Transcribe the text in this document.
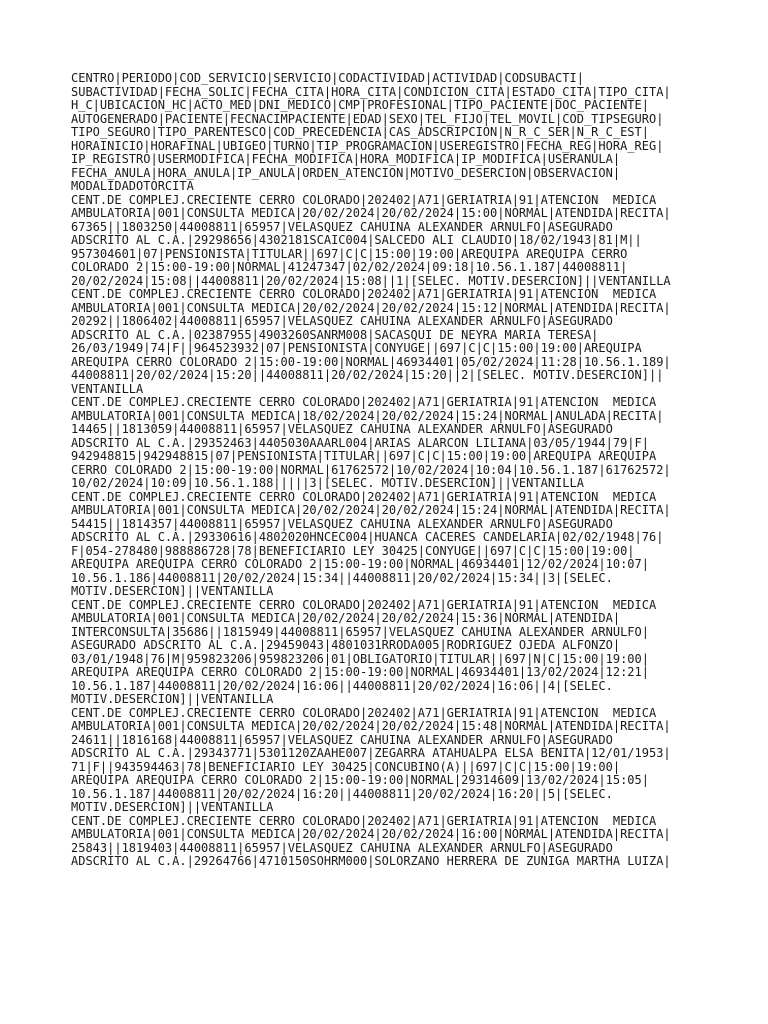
CENTRO|PERIODO|COD_SERVICIO|SERVICIO|CODACTIVIDAD|ACTIVIDAD|CODSUBACTI|
SUBACTIVIDAD|FECHA_SOLIC|FECHA_CITA|HORA_CITA|CONDICION_CITA|ESTADO_CITA|TIPO_CITA|
H_C|UBICACION_HC|ACTO_MED|DNI_MEDICO|CMP|PROFESIONAL|TIPO_PACIENTE|DOC_PACIENTE|
AUTOGENERADO|PACIENTE|FECNACIMPACIENTE|EDAD|SEXO|TEL_FIJO|TEL_MOVIL|COD_TIPSEGURO|
TIPO_SEGURO|TIPO_PARENTESCO|COD_PRECEDENCIA|CAS_ADSCRIPCION|N_R_C_SER|N_R_C_EST|
HORAINICIO|HORAFINAL|UBIGEO|TURNO|TIP_PROGRAMACION|USEREGISTRO|FECHA_REG|HORA_REG|
IP_REGISTRO|USERMODIFICA|FECHA_MODIFICA|HORA_MODIFICA|IP_MODIFICA|USERANULA|
FECHA_ANULA|HORA_ANULA|IP_ANULA|ORDEN_ATENCION|MOTIVO_DESERCION|OBSERVACION|
MODALIDADOTORCITA
CENT.DE COMPLEJ.CRECIENTE CERRO COLORADO|202402|A71|GERIATRIA|91|ATENCION  MEDICA
AMBULATORIA|001|CONSULTA MEDICA|20/02/2024|20/02/2024|15:00|NORMAL|ATENDIDA|RECITA|
67365||1803250|44008811|65957|VELASQUEZ CAHUINA ALEXANDER ARNULFO|ASEGURADO
ADSCRITO AL C.A.|29298656|4302181SCAIC004|SALCEDO ALI CLAUDIO|18/02/1943|81|M||
957304601|07|PENSIONISTA|TITULAR||697|C|C|15:00|19:00|AREQUIPA AREQUIPA CERRO
COLORADO 2|15:00-19:00|NORMAL|41247347|02/02/2024|09:18|10.56.1.187|44008811|
20/02/2024|15:08||44008811|20/02/2024|15:08||1|[SELEC. MOTIV.DESERCION]||VENTANILLA
CENT.DE COMPLEJ.CRECIENTE CERRO COLORADO|202402|A71|GERIATRIA|91|ATENCION  MEDICA
AMBULATORIA|001|CONSULTA MEDICA|20/02/2024|20/02/2024|15:12|NORMAL|ATENDIDA|RECITA|
20292||1806402|44008811|65957|VELASQUEZ CAHUINA ALEXANDER ARNULFO|ASEGURADO
ADSCRITO AL C.A.|02387955|4903260SANRM008|SACASQUI DE NEYRA MARIA TERESA|
26/03/1949|74|F||964523932|07|PENSIONISTA|CONYUGE||697|C|C|15:00|19:00|AREQUIPA
AREQUIPA CERRO COLORADO 2|15:00-19:00|NORMAL|46934401|05/02/2024|11:28|10.56.1.189|
44008811|20/02/2024|15:20||44008811|20/02/2024|15:20||2|[SELEC. MOTIV.DESERCION]||
VENTANILLA
CENT.DE COMPLEJ.CRECIENTE CERRO COLORADO|202402|A71|GERIATRIA|91|ATENCION  MEDICA
AMBULATORIA|001|CONSULTA MEDICA|18/02/2024|20/02/2024|15:24|NORMAL|ANULADA|RECITA|
14465||1813059|44008811|65957|VELASQUEZ CAHUINA ALEXANDER ARNULFO|ASEGURADO
ADSCRITO AL C.A.|29352463|4405030AAARL004|ARIAS ALARCON LILIANA|03/05/1944|79|F|
942948815|942948815|07|PENSIONISTA|TITULAR||697|C|C|15:00|19:00|AREQUIPA AREQUIPA
CERRO COLORADO 2|15:00-19:00|NORMAL|61762572|10/02/2024|10:04|10.56.1.187|61762572|
10/02/2024|10:09|10.56.1.188|||||3|[SELEC. MOTIV.DESERCION]||VENTANILLA
CENT.DE COMPLEJ.CRECIENTE CERRO COLORADO|202402|A71|GERIATRIA|91|ATENCION  MEDICA
AMBULATORIA|001|CONSULTA MEDICA|20/02/2024|20/02/2024|15:24|NORMAL|ATENDIDA|RECITA|
54415||1814357|44008811|65957|VELASQUEZ CAHUINA ALEXANDER ARNULFO|ASEGURADO
ADSCRITO AL C.A.|29330616|4802020HNCEC004|HUANCA CACERES CANDELARIA|02/02/1948|76|
F|054-278480|988886728|78|BENEFICIARIO LEY 30425|CONYUGE||697|C|C|15:00|19:00|
AREQUIPA AREQUIPA CERRO COLORADO 2|15:00-19:00|NORMAL|46934401|12/02/2024|10:07|
10.56.1.186|44008811|20/02/2024|15:34||44008811|20/02/2024|15:34||3|[SELEC.
MOTIV.DESERCION]||VENTANILLA
CENT.DE COMPLEJ.CRECIENTE CERRO COLORADO|202402|A71|GERIATRIA|91|ATENCION  MEDICA
AMBULATORIA|001|CONSULTA MEDICA|20/02/2024|20/02/2024|15:36|NORMAL|ATENDIDA|
INTERCONSULTA|35686||1815949|44008811|65957|VELASQUEZ CAHUINA ALEXANDER ARNULFO|
ASEGURADO ADSCRITO AL C.A.|29459043|4801031RRODA005|RODRIGUEZ OJEDA ALFONZO|
03/01/1948|76|M|959823206|959823206|01|OBLIGATORIO|TITULAR||697|N|C|15:00|19:00|
AREQUIPA AREQUIPA CERRO COLORADO 2|15:00-19:00|NORMAL|46934401|13/02/2024|12:21|
10.56.1.187|44008811|20/02/2024|16:06||44008811|20/02/2024|16:06||4|[SELEC.
MOTIV.DESERCION]||VENTANILLA
CENT.DE COMPLEJ.CRECIENTE CERRO COLORADO|202402|A71|GERIATRIA|91|ATENCION  MEDICA
AMBULATORIA|001|CONSULTA MEDICA|20/02/2024|20/02/2024|15:48|NORMAL|ATENDIDA|RECITA|
24611||1816168|44008811|65957|VELASQUEZ CAHUINA ALEXANDER ARNULFO|ASEGURADO
ADSCRITO AL C.A.|29343771|5301120ZAAHE007|ZEGARRA ATAHUALPA ELSA BENITA|12/01/1953|
71|F||943594463|78|BENEFICIARIO LEY 30425|CONCUBINO(A)||697|C|C|15:00|19:00|
AREQUIPA AREQUIPA CERRO COLORADO 2|15:00-19:00|NORMAL|29314609|13/02/2024|15:05|
10.56.1.187|44008811|20/02/2024|16:20||44008811|20/02/2024|16:20||5|[SELEC.
MOTIV.DESERCION]||VENTANILLA
CENT.DE COMPLEJ.CRECIENTE CERRO COLORADO|202402|A71|GERIATRIA|91|ATENCION  MEDICA
AMBULATORIA|001|CONSULTA MEDICA|20/02/2024|20/02/2024|16:00|NORMAL|ATENDIDA|RECITA|
25843||1819403|44008811|65957|VELASQUEZ CAHUINA ALEXANDER ARNULFO|ASEGURADO
ADSCRITO AL C.A.|29264766|4710150SOHRM000|SOLORZANO HERRERA DE ZUÑIGA MARTHA LUIZA|
